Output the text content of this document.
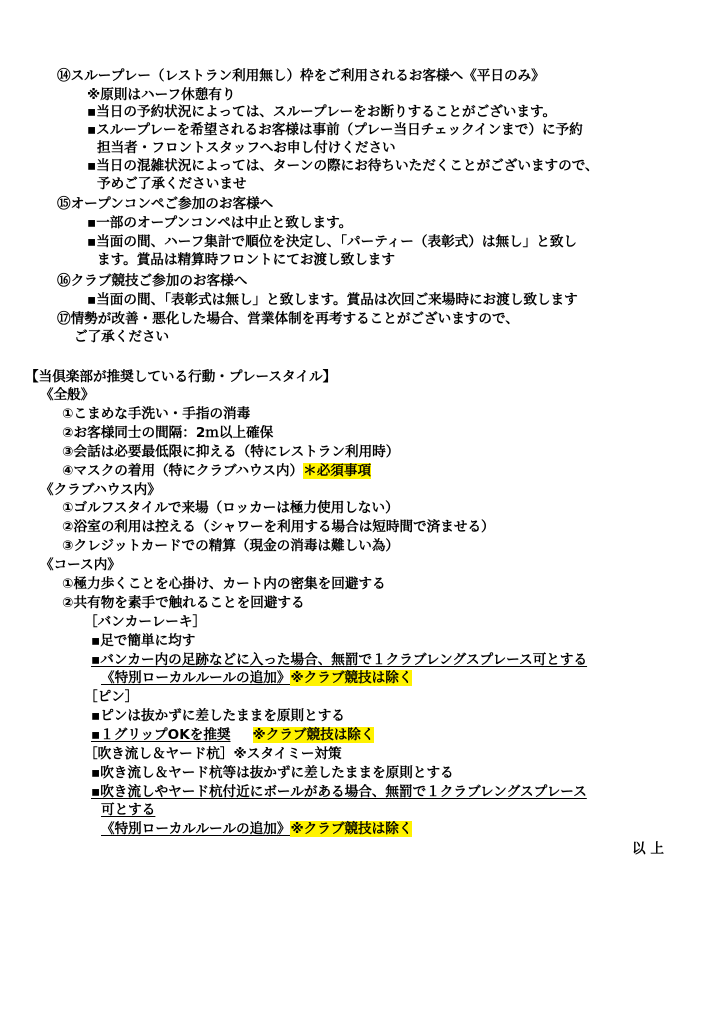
⑭スループレー（レストラン利用無し）枠をご利用されるお客様へ《平日のみ》
※原則はハーフ休憩有り
▪当日の予約状況によっては、スループレーをお断りすることがございます。
▪スループレーを希望されるお客様は事前（プレー当日チェックインまで）に予約
担当者・フロントスタッフへお申し付けください
▪当日の混雑状況によっては、ターンの際にお待ちいただくことがございますので、
予めご了承くださいませ
⑮オープンコンペご参加のお客様へ
▪一部のオープンコンペは中止と致します。
▪当面の間、ハーフ集計で順位を決定し、「パーティー（表彰式）は無し」と致し
ます。賞品は精算時フロントにてお渡し致します
⑯クラブ競技ご参加のお客様へ
▪当面の間、「表彰式は無し」と致します。賞品は次回ご来場時にお渡し致します
⑰情勢が改善・悪化した場合、営業体制を再考することがございますので、
ご了承ください
【当倶楽部が推奨している行動・プレースタイル】
《全般》
①こまめな手洗い・手指の消毒
②お客様同士の間隔：2ｍ以上確保
③会話は必要最低限に抑える（特にレストラン利用時）
④マスクの着用（特にクラブハウス内）＊必須事項
《クラブハウス内》
①ゴルフスタイルで来場（ロッカーは極力使用しない）
②浴室の利用は控える（シャワーを利用する場合は短時間で済ませる）
③クレジットカードでの精算（現金の消毒は難しい為）
《コース内》
①極力歩くことを心掛け、カート内の密集を回避する
②共有物を素手で触れることを回避する
［バンカーレーキ］
▪足で簡単に均す
▪バンカー内の足跡などに入った場合、無罰で１クラブレングスプレース可とする
《特別ローカルルールの追加》※クラブ競技は除く
［ピン］
▪ピンは抜かずに差したままを原則とする
▪１グリップOKを推奨 ※クラブ競技は除く
［吹き流し＆ヤード杭］※スタイミー対策
▪吹き流し＆ヤード杭等は抜かずに差したままを原則とする
▪吹き流しやヤード杭付近にボールがある場合、無罰で１クラブレングスプレース
可とする
《特別ローカルルールの追加》※クラブ競技は除く
以 上
